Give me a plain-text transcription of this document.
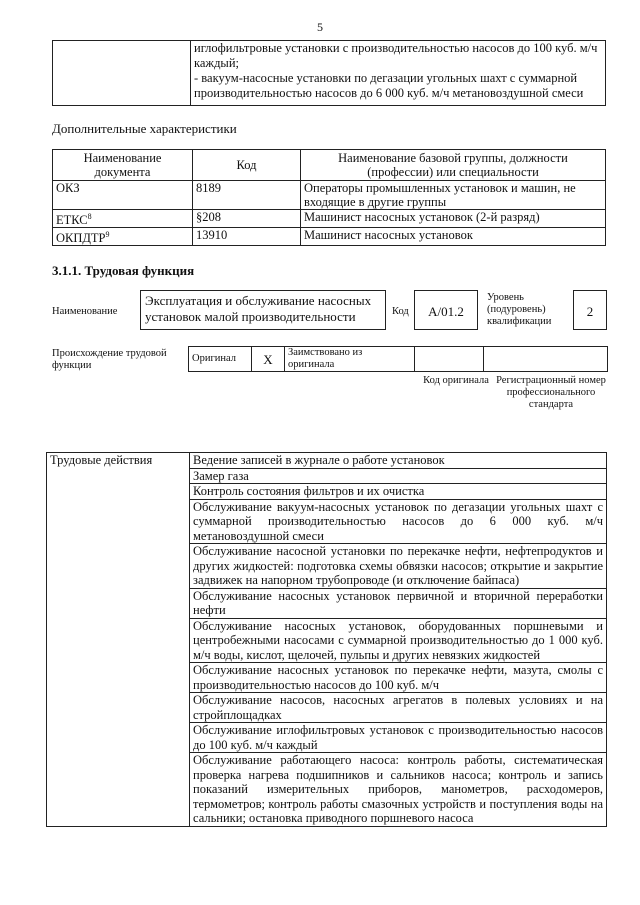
5

иглофильтровые установки с производительностью насосов до 100 куб. м/ч каждый;
- вакуум-насосные установки по дегазации угольных шахт с суммарной производительностью насосов до 6 000 куб. м/ч метановоздушной смеси
Дополнительные характеристики
Наименование документа	Код	Наименование базовой группы, должности (профессии) или специальности
ОКЗ	8189	Операторы промышленных установок и машин, не входящие в другие группы
ЕТКС$^8$	§208	Машинист насосных установок (2-й разряд)
ОКПДТР$^9$	13910	Машинист насосных установок
3.1.1. Трудовая функция
Наименование
Эксплуатация и обслуживание насосных установок малой производительности	Код	А/01.2
Уровень (подуровень) квалификации
2
Происхождение трудовой функции
Оригинал	X	Заимствовано из оригинала		
Код оригинала Регистрационный номер профессионального стандарта
Трудовые действия	Ведение записей в журнале о работе установок
Замер газа
Контроль состояния фильтров и их очистка
Обслуживание вакуум-насосных установок по дегазации угольных шахт с суммарной производительностью насосов до 6 000 куб. м/ч метановоздушной смеси
Обслуживание насосной установки по перекачке нефти, нефтепродуктов и других жидкостей: подготовка схемы обвязки насосов; открытие и закрытие задвижек на напорном трубопроводе (и отключение байпаса)
Обслуживание насосных установок первичной и вторичной переработки нефти
Обслуживание насосных установок, оборудованных поршневыми и центробежными насосами с суммарной производительностью до 1 000 куб. м/ч воды, кислот, щелочей, пульпы и других невязких жидкостей
Обслуживание насосных установок по перекачке нефти, мазута, смолы с производительностью насосов до 100 куб. м/ч
Обслуживание насосов, насосных агрегатов в полевых условиях и на стройплощадках
Обслуживание иглофильтровых установок с производительностью насосов до 100 куб. м/ч каждый
Обслуживание работающего насоса: контроль работы, систематическая проверка нагрева подшипников и сальников насоса; контроль и запись показаний измерительных приборов, манометров, расходомеров, термометров; контроль работы смазочных устройств и поступления воды на сальники; остановка приводного поршневого насоса
